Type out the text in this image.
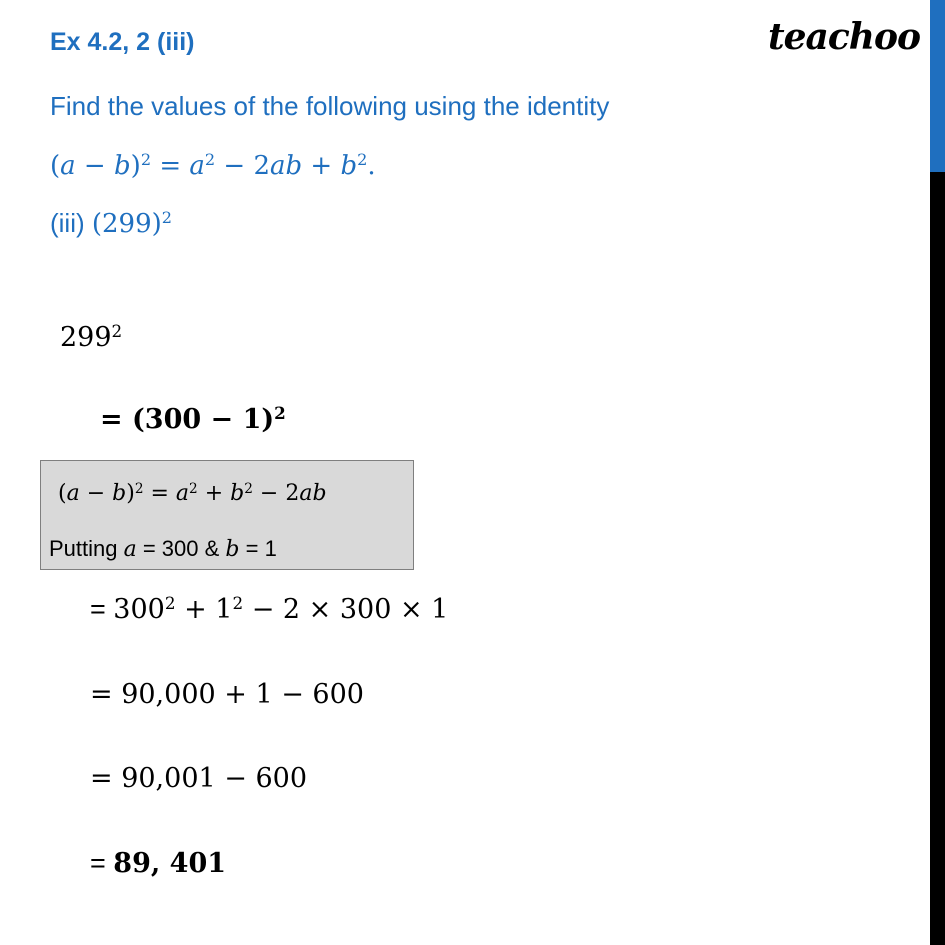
Ex 4.2, 2 (iii)	teachoo
Find the values of the following using the identity
$(a - b)^2 = a^2 - 2ab + b^2$.
(iii) $(299)^2$
$299^2$
= $(300 - 1)^2$
$(a - b)^2 = a^2 + b^2 - 2ab$
Putting a = 300 & b = 1
= $300^2 + 1^2 - 2 \times 300 \times 1$
= 90,000 + 1 − 600
= 90,001 − 600
= 89, 401
